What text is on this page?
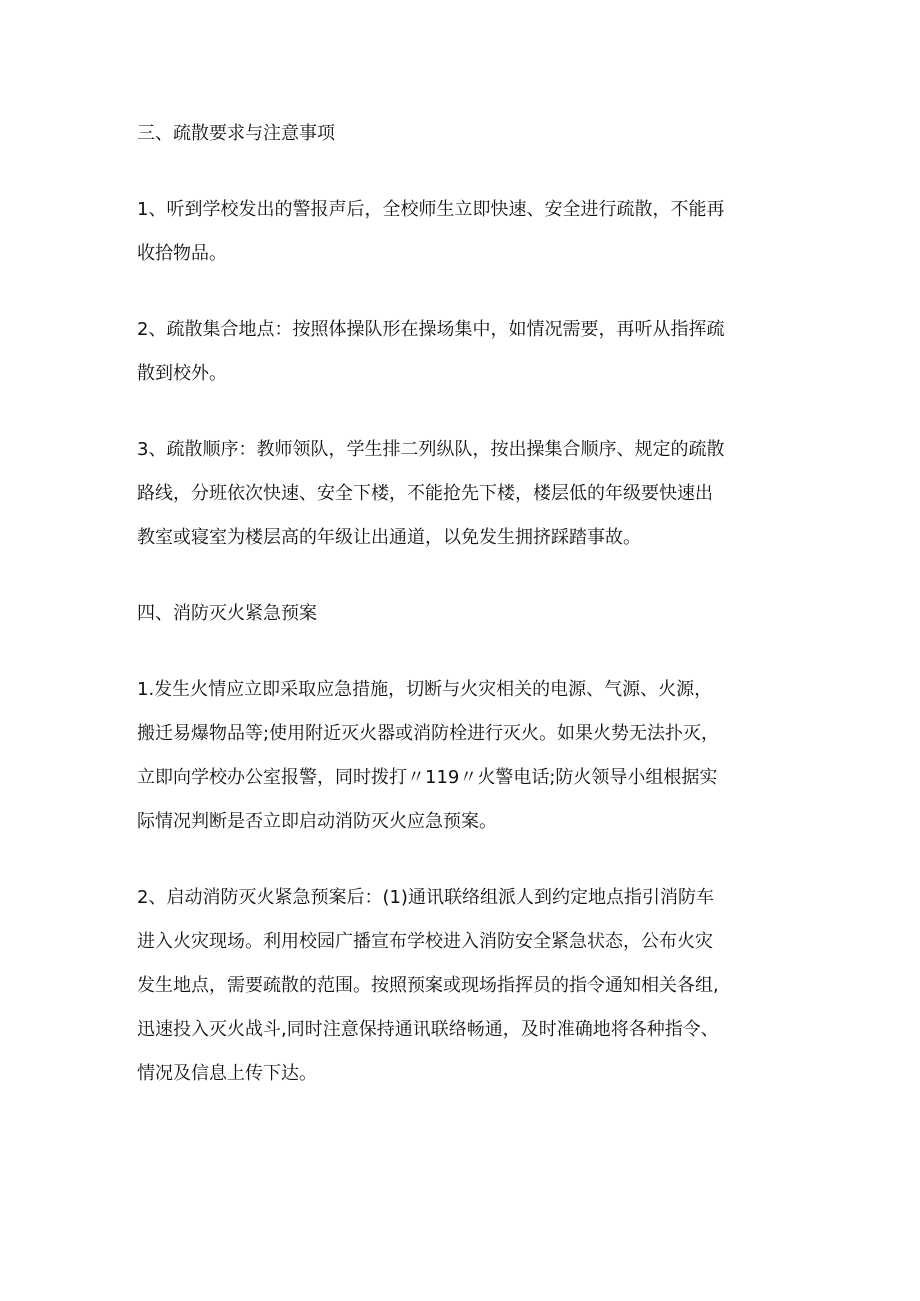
三、疏散要求与注意事项
1、听到学校发出的警报声后，全校师生立即快速、安全进行疏散，不能再
收拾物品。
2、疏散集合地点：按照体操队形在操场集中，如情况需要，再听从指挥疏
散到校外。
3、疏散顺序：教师领队，学生排二列纵队，按出操集合顺序、规定的疏散
路线，分班依次快速、安全下楼，不能抢先下楼，楼层低的年级要快速出
教室或寝室为楼层高的年级让出通道，以免发生拥挤踩踏事故。
四、消防灭火紧急预案
1.发生火情应立即采取应急措施，切断与火灾相关的电源、气源、火源，
搬迁易爆物品等;使用附近灭火器或消防栓进行灭火。如果火势无法扑灭，
立即向学校办公室报警，同时拨打〃119〃火警电话;防火领导小组根据实
际情况判断是否立即启动消防灭火应急预案。
2、启动消防灭火紧急预案后：(1)通讯联络组派人到约定地点指引消防车
进入火灾现场。利用校园广播宣布学校进入消防安全紧急状态，公布火灾
发生地点，需要疏散的范围。按照预案或现场指挥员的指令通知相关各组,
迅速投入灭火战斗,同时注意保持通讯联络畅通，及时准确地将各种指令、
情况及信息上传下达。
